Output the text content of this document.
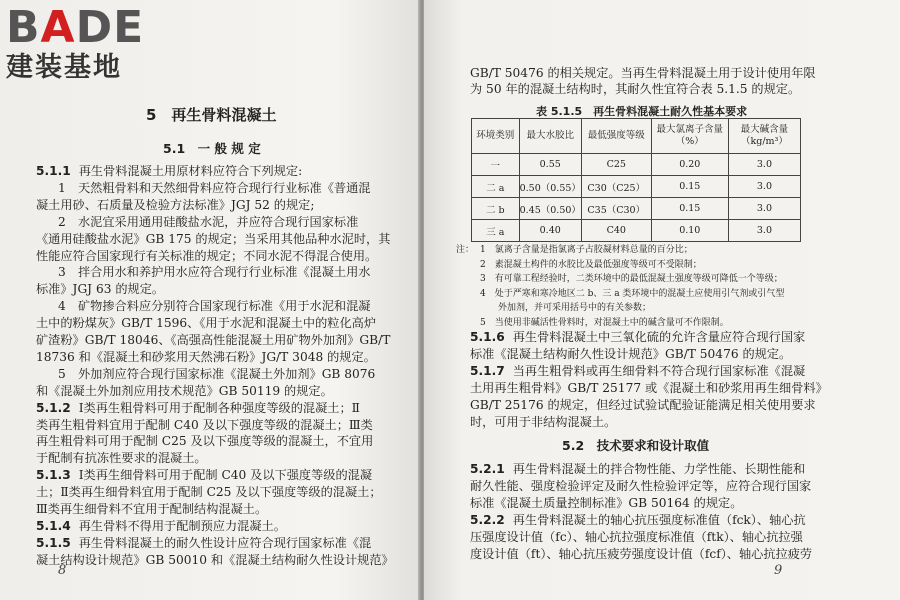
BADE
建装基地
5　再生骨料混凝土
5.1　一 般 规 定
5.1.1 再生骨料混凝土用原材料应符合下列规定:
1　天然粗骨料和天然细骨料应符合现行行业标准《普通混
凝土用砂、石质量及检验方法标准》JGJ 52 的规定;
2　水泥宜采用通用硅酸盐水泥，并应符合现行国家标准
《通用硅酸盐水泥》GB 175 的规定；当采用其他品种水泥时，其
性能应符合国家现行有关标准的规定；不同水泥不得混合使用。
3　拌合用水和养护用水应符合现行行业标准《混凝土用水
标准》JGJ 63 的规定。
4　矿物掺合料应分别符合国家现行标准《用于水泥和混凝
土中的粉煤灰》GB/T 1596、《用于水泥和混凝土中的粒化高炉
矿渣粉》GB/T 18046、《高强高性能混凝土用矿物外加剂》GB/T
18736 和《混凝土和砂浆用天然沸石粉》JG/T 3048 的规定。
5　外加剂应符合现行国家标准《混凝土外加剂》GB 8076
和《混凝土外加剂应用技术规范》GB 50119 的规定。
5.1.2 Ⅰ类再生粗骨料可用于配制各种强度等级的混凝土；Ⅱ
类再生粗骨料宜用于配制 C40 及以下强度等级的混凝土；Ⅲ类
再生粗骨料可用于配制 C25 及以下强度等级的混凝土，不宜用
于配制有抗冻性要求的混凝土。
5.1.3 Ⅰ类再生细骨料可用于配制 C40 及以下强度等级的混凝
土；Ⅱ类再生细骨料宜用于配制 C25 及以下强度等级的混凝土；
Ⅲ类再生细骨料不宜用于配制结构混凝土。
5.1.4 再生骨料不得用于配制预应力混凝土。
5.1.5 再生骨料混凝土的耐久性设计应符合现行国家标准《混
凝土结构设计规范》GB 50010 和《混凝土结构耐久性设计规范》
8
GB/T 50476 的相关规定。当再生骨料混凝土用于设计使用年限
为 50 年的混凝土结构时，其耐久性宜符合表 5.1.5 的规定。
表 5.1.5　再生骨料混凝土耐久性基本要求
环境类别	最大水胶比	最低强度等级	最大氯离子含量（%）	最大碱含量（kg/m³）
一	0.55	C25	0.20	3.0
二 a	0.50（0.55）	C30（C25）	0.15	3.0
二 b	0.45（0.50）	C35（C30）	0.15	3.0
三 a	0.40	C40	0.10	3.0
注： 1　氯离子含量是指氯离子占胶凝材料总量的百分比；
2　素混凝土构件的水胶比及最低强度等级可不受限制；
3　有可靠工程经验时，二类环境中的最低混凝土强度等级可降低一个等级；
4　处于严寒和寒冷地区二 b、三 a 类环境中的混凝土应使用引气剂或引气型
　　外加剂，并可采用括号中的有关参数；
5　当使用非碱活性骨料时，对混凝土中的碱含量可不作限制。
5.1.6 再生骨料混凝土中三氧化硫的允许含量应符合现行国家
标准《混凝土结构耐久性设计规范》GB/T 50476 的规定。
5.1.7 当再生粗骨料或再生细骨料不符合现行国家标准《混凝
土用再生粗骨料》GB/T 25177 或《混凝土和砂浆用再生细骨料》
GB/T 25176 的规定，但经过试验试配验证能满足相关使用要求
时，可用于非结构混凝土。
5.2　技术要求和设计取值
5.2.1 再生骨料混凝土的拌合物性能、力学性能、长期性能和
耐久性能、强度检验评定及耐久性检验评定等，应符合现行国家
标准《混凝土质量控制标准》GB 50164 的规定。
5.2.2 再生骨料混凝土的轴心抗压强度标准值（fck）、轴心抗
压强度设计值（fc）、轴心抗拉强度标准值（ftk）、轴心抗拉强
度设计值（ft）、轴心抗压疲劳强度设计值（fcf）、轴心抗拉疲劳
9
